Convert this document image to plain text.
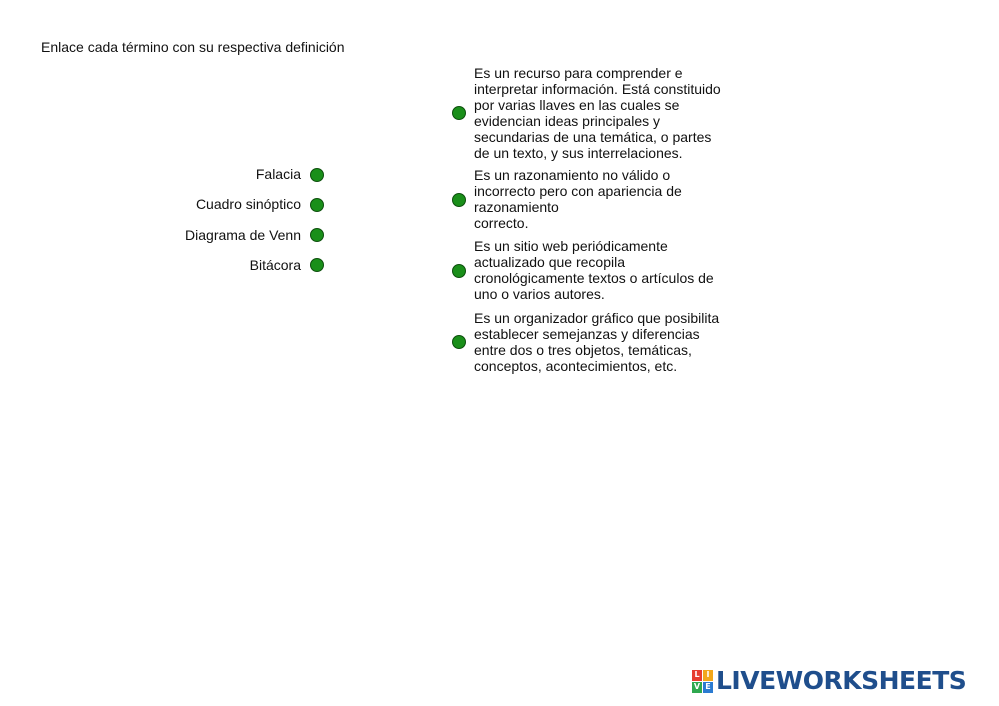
Enlace cada término con su respectiva definición
Falacia
Cuadro sinóptico
Diagrama de Venn
Bitácora
Es un recurso para comprender e
interpretar información. Está constituido
por varias llaves en las cuales se
evidencian ideas principales y
secundarias de una temática, o partes
de un texto, y sus interrelaciones.
Es un razonamiento no válido o
incorrecto pero con apariencia de
razonamiento
correcto.
Es un sitio web periódicamente
actualizado que recopila
cronológicamente textos o artículos de
uno o varios autores.
Es un organizador gráfico que posibilita
establecer semejanzas y diferencias
entre dos o tres objetos, temáticas,
conceptos, acontecimientos, etc.
L I
V E LIVEWORKSHEETS
